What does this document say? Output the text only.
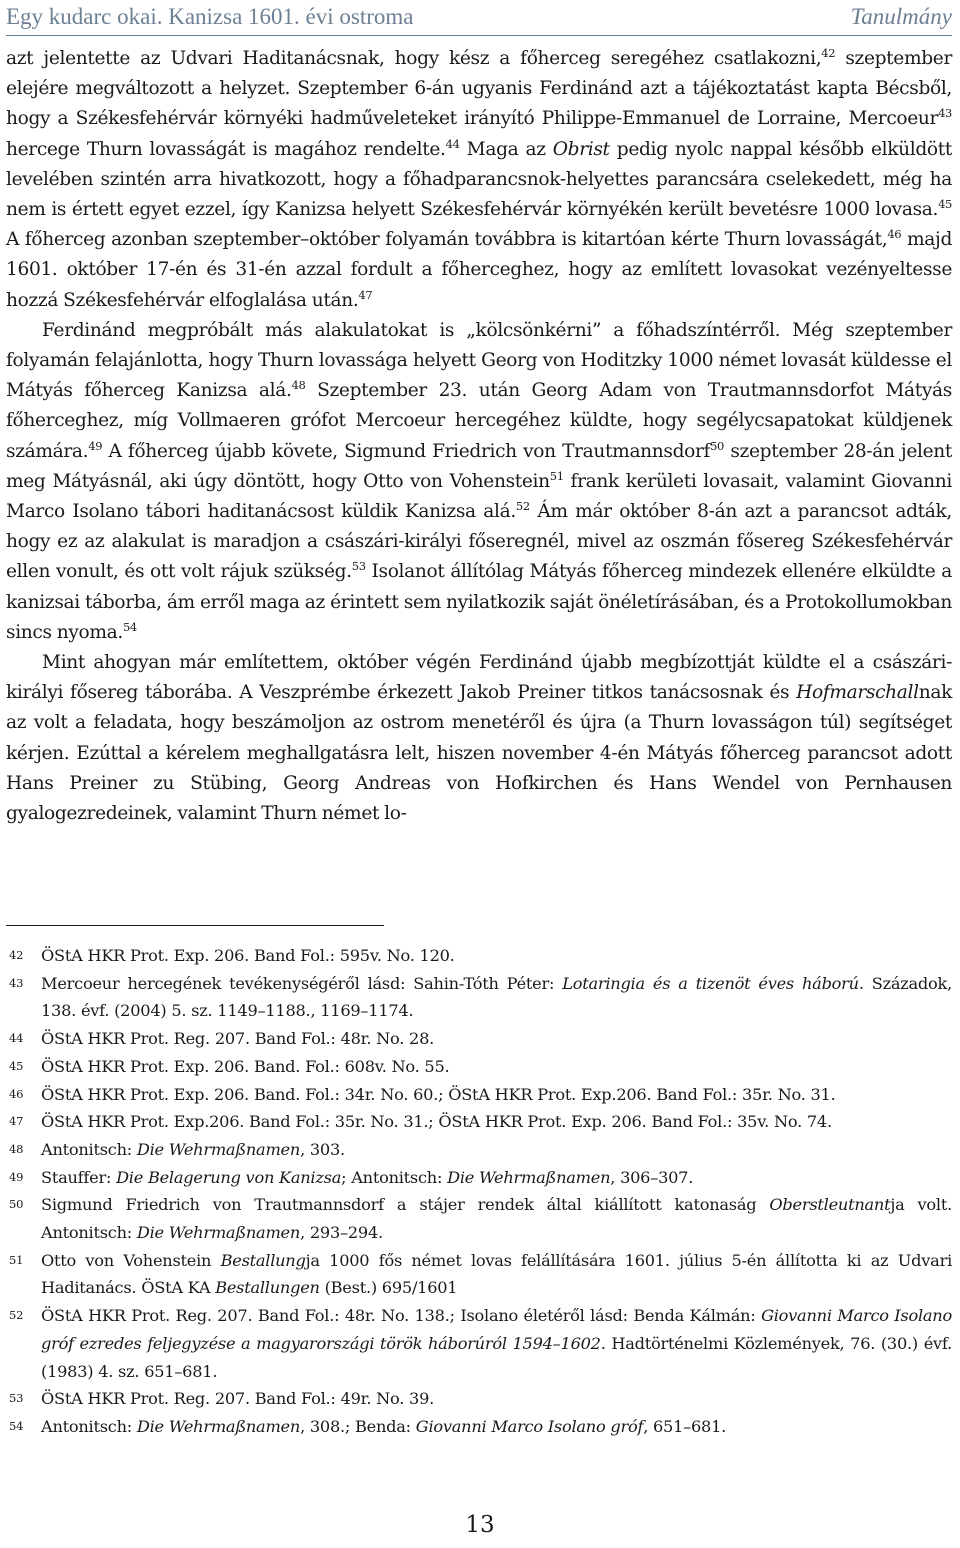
Egy kudarc okai. Kanizsa 1601. évi ostroma	Tanulmány

azt jelentette az Udvari Haditanácsnak, hogy kész a főherceg seregéhez csatlakozni,$^{42}$ szeptember elejére megváltozott a helyzet. Szeptember 6-án ugyanis Ferdinánd azt a tájékoztatást kapta Bécsből, hogy a Székesfehérvár környéki hadműveleteket irányító Philippe-Emmanuel de Lorraine, Mercoeur$^{43}$ hercege Thurn lovasságát is magához rendelte.$^{44}$ Maga az Obrist pedig nyolc nappal később elküldött levelében szintén arra hivatkozott, hogy a főhadparancsnok-helyettes parancsára cselekedett, még ha nem is értett egyet ezzel, így Kanizsa helyett Székesfehérvár környékén került bevetésre 1000 lovasa.$^{45}$ A főherceg azonban szeptember–október folyamán továbbra is kitartóan kérte Thurn lovasságát,$^{46}$ majd 1601. október 17-én és 31-én azzal fordult a főherceghez, hogy az említett lovasokat vezényeltesse hozzá Székesfehérvár elfoglalása után.$^{47}$

Ferdinánd megpróbált más alakulatokat is „kölcsönkérni” a főhadszíntérről. Még szeptember folyamán felajánlotta, hogy Thurn lovassága helyett Georg von Hoditzky 1000 német lovasát küldesse el Mátyás főherceg Kanizsa alá.$^{48}$ Szeptember 23. után Georg Adam von Trautmannsdorfot Mátyás főherceghez, míg Vollmaeren grófot Mercoeur hercegéhez küldte, hogy segélycsapatokat küldjenek számára.$^{49}$ A főherceg újabb követe, Sigmund Friedrich von Trautmannsdorf$^{50}$ szeptember 28-án jelent meg Mátyásnál, aki úgy döntött, hogy Otto von Vohenstein$^{51}$ frank kerületi lovasait, valamint Giovanni Marco Isolano tábori haditanácsost küldik Kanizsa alá.$^{52}$ Ám már október 8-án azt a parancsot adták, hogy ez az alakulat is maradjon a császári-királyi főseregnél, mivel az oszmán fősereg Székesfehérvár ellen vonult, és ott volt rájuk szükség.$^{53}$ Isolanot állítólag Mátyás főherceg mindezek ellenére elküldte a kanizsai táborba, ám erről maga az érintett sem nyilatkozik saját önéletírásában, és a Protokollumokban sincs nyoma.$^{54}$

Mint ahogyan már említettem, október végén Ferdinánd újabb megbízottját küldte el a császári-királyi fősereg táborába. A Veszprémbe érkezett Jakob Preiner titkos tanácsosnak és Hofmarschallnak az volt a feladata, hogy beszámoljon az ostrom menetéről és újra (a Thurn lovasságon túl) segítséget kérjen. Ezúttal a kérelem meghallgatásra lelt, hiszen november 4-én Mátyás főherceg parancsot adott Hans Preiner zu Stübing, Georg Andreas von Hofkirchen és Hans Wendel von Pernhausen gyalogezredeinek, valamint Thurn német lo-

42	ÖStA HKR Prot. Exp. 206. Band Fol.: 595v. No. 120.
43	Mercoeur hercegének tevékenységéről lásd: Sahin-Tóth Péter: Lotaringia és a tizenöt éves háború. Századok, 138. évf. (2004) 5. sz. 1149–1188., 1169–1174.
44	ÖStA HKR Prot. Reg. 207. Band Fol.: 48r. No. 28.
45	ÖStA HKR Prot. Exp. 206. Band. Fol.: 608v. No. 55.
46	ÖStA HKR Prot. Exp. 206. Band. Fol.: 34r. No. 60.; ÖStA HKR Prot. Exp.206. Band Fol.: 35r. No. 31.
47	ÖStA HKR Prot. Exp.206. Band Fol.: 35r. No. 31.; ÖStA HKR Prot. Exp. 206. Band Fol.: 35v. No. 74.
48	Antonitsch: Die Wehrmaßnamen, 303.
49	Stauffer: Die Belagerung von Kanizsa; Antonitsch: Die Wehrmaßnamen, 306–307.
50	Sigmund Friedrich von Trautmannsdorf a stájer rendek által kiállított katonaság Oberstleutnantja volt. Antonitsch: Die Wehrmaßnamen, 293–294.
51	Otto von Vohenstein Bestallungja 1000 fős német lovas felállítására 1601. július 5-én állította ki az Udvari Haditanács. ÖStA KA Bestallungen (Best.) 695/1601
52	ÖStA HKR Prot. Reg. 207. Band Fol.: 48r. No. 138.; Isolano életéről lásd: Benda Kálmán: Giovanni Marco Isolano gróf ezredes feljegyzése a magyarországi török háborúról 1594–1602. Hadtörténelmi Közlemények, 76. (30.) évf. (1983) 4. sz. 651–681.
53	ÖStA HKR Prot. Reg. 207. Band Fol.: 49r. No. 39.
54	Antonitsch: Die Wehrmaßnamen, 308.; Benda: Giovanni Marco Isolano gróf, 651–681.
13
